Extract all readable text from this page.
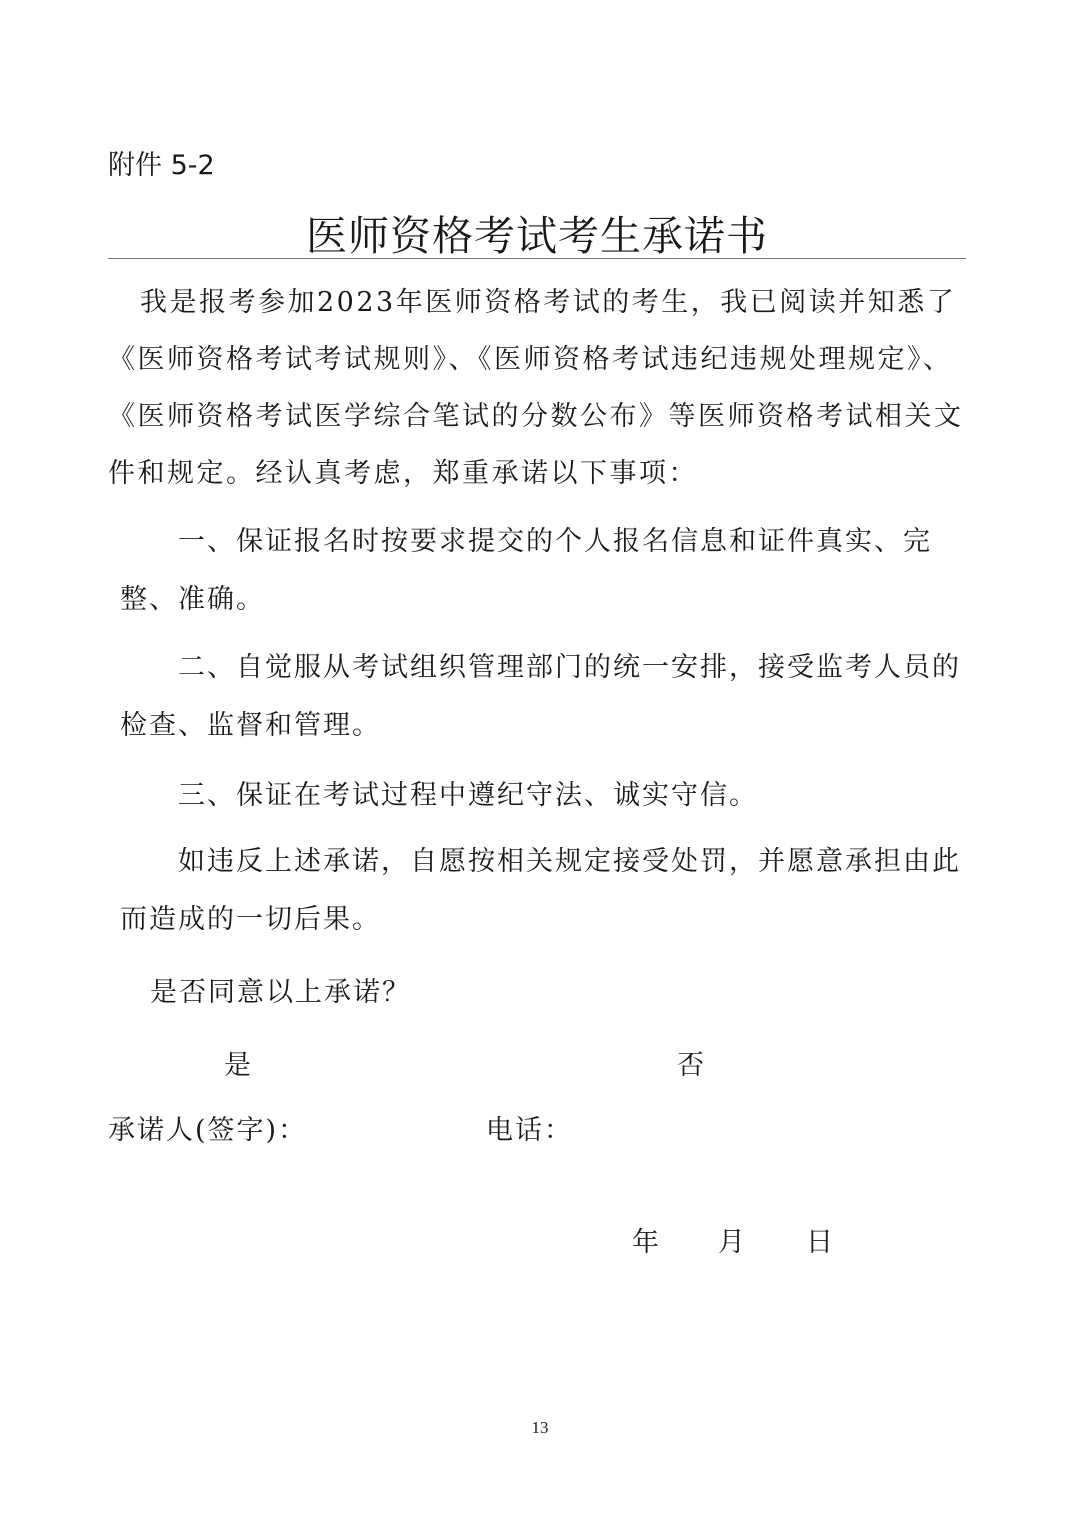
附件 5-2
医师资格考试考生承诺书

我是报考参加2023年医师资格考试的考生，我已阅读并知悉了《医师资格考试考试规则》、《医师资格考试违纪违规处理规定》、《医师资格考试医学综合笔试的分数公布》等医师资格考试相关文件和规定。经认真考虑，郑重承诺以下事项：

一、保证报名时按要求提交的个人报名信息和证件真实、完整、准确。

二、自觉服从考试组织管理部门的统一安排，接受监考人员的检查、监督和管理。

三、保证在考试过程中遵纪守法、诚实守信。

如违反上述承诺，自愿按相关规定接受处罚，并愿意承担由此而造成的一切后果。

是否同意以上承诺？
是	否
承诺人(签字)：	电话：
年 月 日
13
